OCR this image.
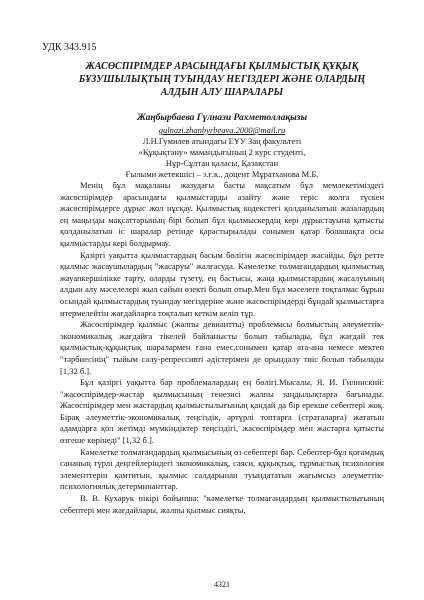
УДК 343.915
ЖАСӨСПІРІМДЕР АРАСЫНДАҒЫ ҚЫЛМЫСТЫҚ ҚҰҚЫҚ
БҰЗУШЫЛЫҚТЫҢ ТУЫНДАУ НЕГІЗДЕРІ ЖӘНЕ ОЛАРДЫҢ
АЛДЫН АЛУ ШАРАЛАРЫ
Жаңбырбаева Гүлнази Рахметоллақызы
gulnazi.zhanbyrbeava.2000@mail.ru
Л.Н.Гумилев атындағы ЕҰУ Заң факультеті
«Құқықтану» мамандығының 2 курс студенті,
Нұр-Сұлтан қаласы, Қазақстан
Ғылыми жетекшісі – з.ғ.к., доцент Мұратханова М.Б.

Менің бұл мақаланы жазудағы басты мақсатым бұл мемлекетіміздегі жасөспірімдер арасындағы қылмыстарды азайту және теріс жолға түскен жасөспірімдерге дұрыс жол нұсқау. Қылмыстық кодекстегі қолданылатын жазалардың ең маңызды мақсаттарының бірі болып бұл қылмыскердің кері дұрыстауына қатысты қолданылатын іс шаралар ретінде қарастырылады сонымен қатар болашақта осы қылмыстарды кері болдырмау.

Қазіргі уақытта қылмыстардың басым бөлігін жасөспірімдер жасайды, бұл ретте қылмыс жасаушылардың "жасаруы" жалғасуда. Кәмелетке толмағандардың қылмыстық жауапкершілікке тарту, оларды түзету, ең бастысы, жаңа қылмыстардың жасалуының алдын алу мәселелері жыл сайын өзекті болып отыр.Мен бұл мәселеге тоқталмас бұрын осындай қылмыстардың туындау негіздеріне және жасөспірімдерді бұндай қылмыстарға итермелейтін жағдайларға тоқталып кеткім келіп тұр.

Жасөспірімдер қылмыс (жалпы девиантты) проблемасы болмыстың әлеуметтік-экономикалық жағдайға тікелей байланысты болып табылады, бұл жағдай тек қылмыстық-құқықтық шаралармен ғана емес,сонымен қатар ата-ана немесе мектеп "тәрбиесінің" тыйым салу-репрессивті әдістерімен де орындалу тиіс болып табылады [1,32 б.].

Бұл қазіргі уақытта бар проблемалардың ең бөлігі.Мысалы, Я. И. Гилинский: "жасөспірімдер-жастар қылмысының генезисі жалпы заңдылықтарға бағынады. Жасөспірімдер мен жастардың қылмыстылығының қандай да бір ерекше себептері жоқ. Бірақ әлеуметтік-экономикалық теңсіздік, әртүрлі топтарға (страталарға) жататын адамдарға қол жетімді мүмкіндіктер теңсіздігі, жасөспірімдер мен жастарға қатысты өзгеше көрінеді" [1,32 б.].

Кәмелетке толмағандардың қылмысының өз себептері бар. Себептер-бұл қоғамдық сананың түрлі деңгейлеріндегі экономикалық, саяси, құқықтық, тұрмыстық психология элементтерін қамтитын, қылмыс салдарынан туындататын жағымсыз әлеуметтік-психологиялық детерминанттар.

В. В. Кухарук пікірі бойынша: "кәмелетке толмағандардың қылмыстылығының себептері мен жағдайлары, жалпы қылмыс сияқты,

4321
